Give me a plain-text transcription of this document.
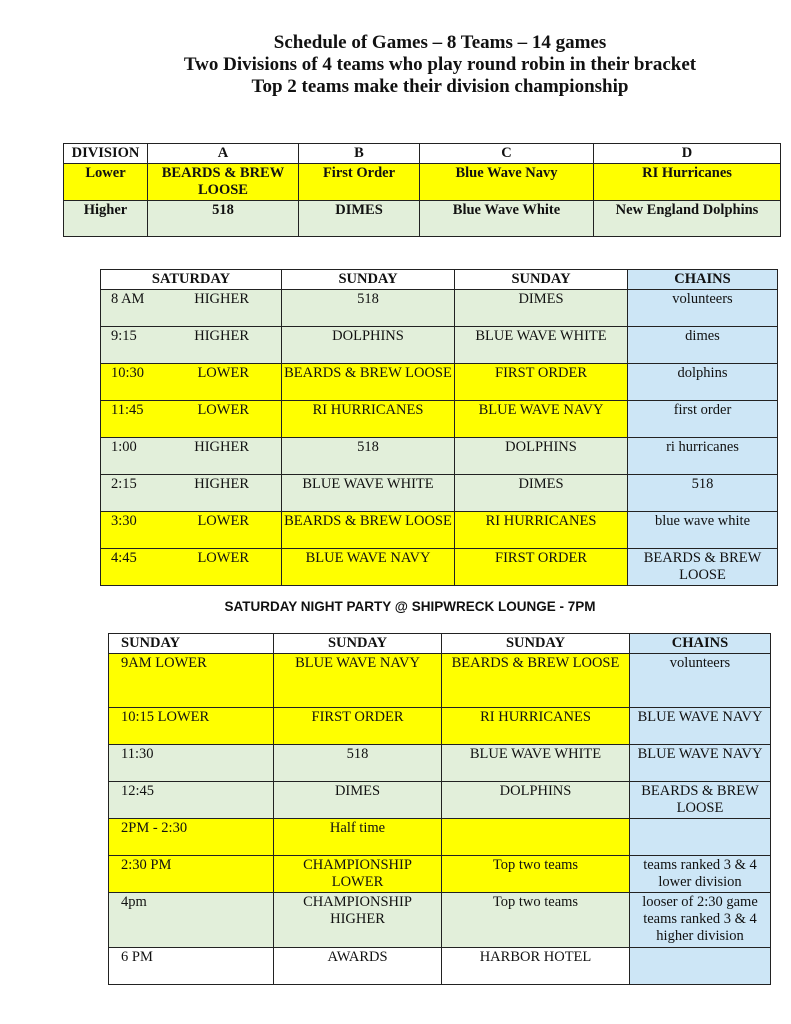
Schedule of Games – 8 Teams – 14 games
Two Divisions of 4 teams who play round robin in their bracket
Top 2 teams make their division championship
DIVISION	A	B	C	D
Lower	BEARDS & BREW LOOSE	First Order	Blue Wave Navy	RI Hurricanes
Higher	518	DIMES	Blue Wave White	New England Dolphins
SATURDAY	SUNDAY	SUNDAY	CHAINS

8 AM HIGHER	518	DIMES	volunteers

9:15 HIGHER	DOLPHINS	BLUE WAVE WHITE	dimes

10:30 LOWER	BEARDS & BREW LOOSE	FIRST ORDER	dolphins

11:45 LOWER	RI HURRICANES	BLUE WAVE NAVY	first order

1:00 HIGHER	518	DOLPHINS	ri hurricanes

2:15 HIGHER	BLUE WAVE WHITE	DIMES	518

3:30 LOWER	BEARDS & BREW LOOSE	RI HURRICANES	blue wave white

4:45 LOWER	BLUE WAVE NAVY	FIRST ORDER	BEARDS & BREW LOOSE
SATURDAY NIGHT PARTY @ SHIPWRECK LOUNGE - 7PM
SUNDAY	SUNDAY	SUNDAY	CHAINS
9AM LOWER	BLUE WAVE NAVY	BEARDS & BREW LOOSE	volunteers
10:15 LOWER	FIRST ORDER	RI HURRICANES	BLUE WAVE NAVY
11:30	518	BLUE WAVE WHITE	BLUE WAVE NAVY
12:45	DIMES	DOLPHINS	BEARDS & BREW LOOSE
2PM - 2:30	Half time		
2:30 PM	CHAMPIONSHIP LOWER	Top two teams	teams ranked 3 & 4 lower division
4pm	CHAMPIONSHIP HIGHER	Top two teams	looser of 2:30 game teams ranked 3 & 4 higher division
6 PM	AWARDS	HARBOR HOTEL	
